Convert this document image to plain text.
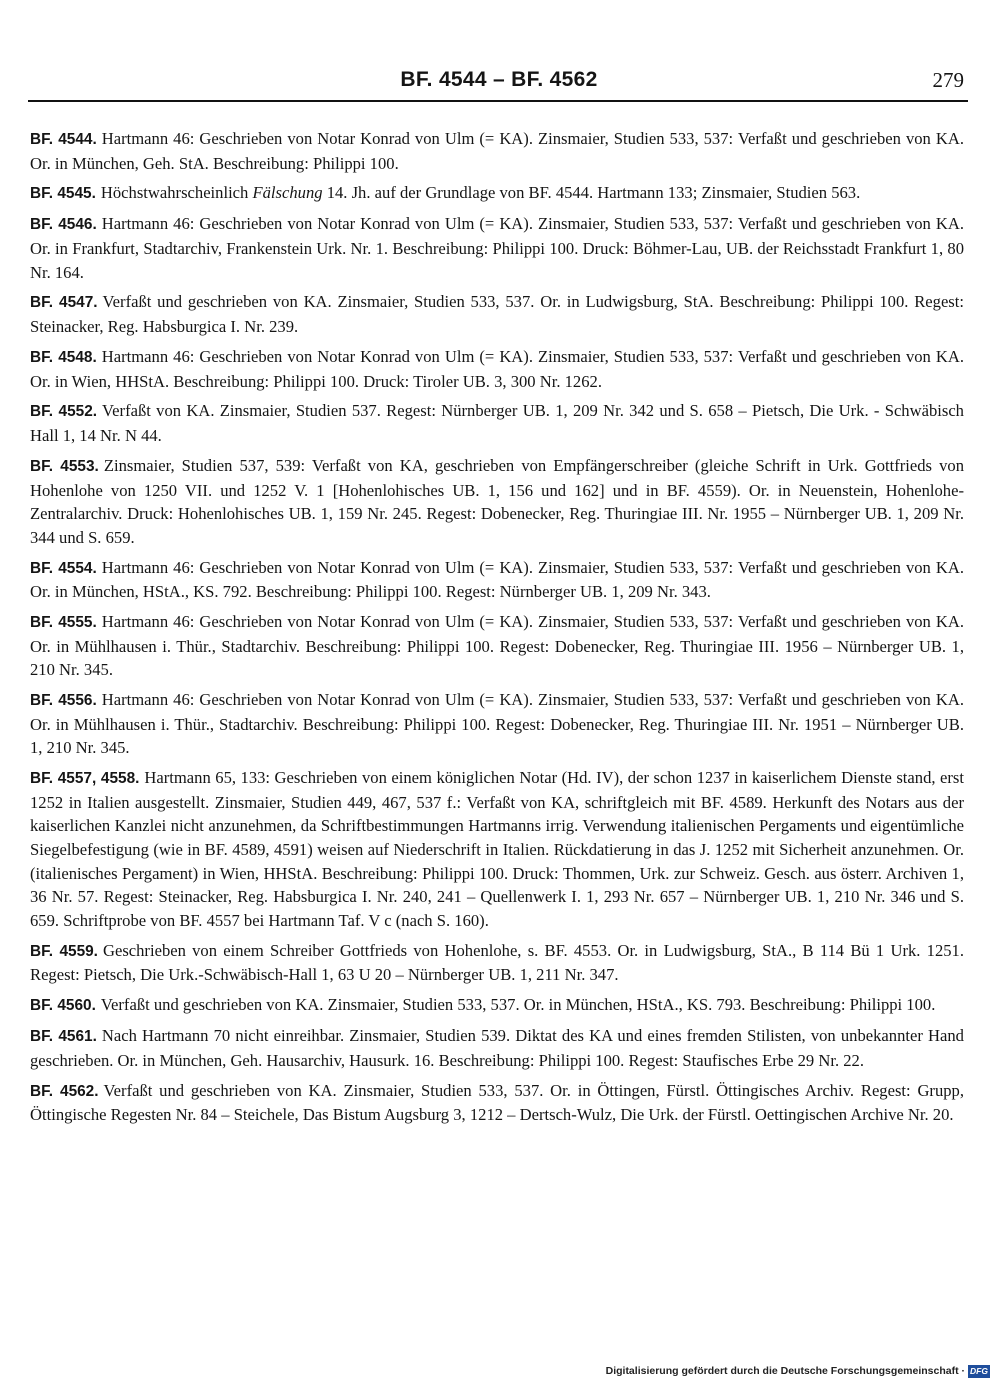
BF. 4544 – BF. 4562	279

BF. 4544. Hartmann 46: Geschrieben von Notar Konrad von Ulm (= KA). Zinsmaier, Studien 533, 537: Verfaßt und geschrieben von KA. Or. in München, Geh. StA. Beschreibung: Philippi 100.

BF. 4545. Höchstwahrscheinlich Fälschung 14. Jh. auf der Grundlage von BF. 4544. Hartmann 133; Zinsmaier, Studien 563.

BF. 4546. Hartmann 46: Geschrieben von Notar Konrad von Ulm (= KA). Zinsmaier, Studien 533, 537: Verfaßt und geschrieben von KA. Or. in Frankfurt, Stadtarchiv, Frankenstein Urk. Nr. 1. Beschreibung: Philippi 100. Druck: Böhmer-Lau, UB. der Reichsstadt Frankfurt 1, 80 Nr. 164.

BF. 4547. Verfaßt und geschrieben von KA. Zinsmaier, Studien 533, 537. Or. in Ludwigsburg, StA. Beschreibung: Philippi 100. Regest: Steinacker, Reg. Habsburgica I. Nr. 239.

BF. 4548. Hartmann 46: Geschrieben von Notar Konrad von Ulm (= KA). Zinsmaier, Studien 533, 537: Verfaßt und geschrieben von KA. Or. in Wien, HHStA. Beschreibung: Philippi 100. Druck: Tiroler UB. 3, 300 Nr. 1262.

BF. 4552. Verfaßt von KA. Zinsmaier, Studien 537. Regest: Nürnberger UB. 1, 209 Nr. 342 und S. 658 – Pietsch, Die Urk. - Schwäbisch Hall 1, 14 Nr. N 44.

BF. 4553. Zinsmaier, Studien 537, 539: Verfaßt von KA, geschrieben von Empfängerschreiber (gleiche Schrift in Urk. Gottfrieds von Hohenlohe von 1250 VII. und 1252 V. 1 [Hohenlohisches UB. 1, 156 und 162] und in BF. 4559). Or. in Neuenstein, Hohenlohe-Zentralarchiv. Druck: Hohenlohisches UB. 1, 159 Nr. 245. Regest: Dobenecker, Reg. Thuringiae III. Nr. 1955 – Nürnberger UB. 1, 209 Nr. 344 und S. 659.

BF. 4554. Hartmann 46: Geschrieben von Notar Konrad von Ulm (= KA). Zinsmaier, Studien 533, 537: Verfaßt und geschrieben von KA. Or. in München, HStA., KS. 792. Beschreibung: Philippi 100. Regest: Nürnberger UB. 1, 209 Nr. 343.

BF. 4555. Hartmann 46: Geschrieben von Notar Konrad von Ulm (= KA). Zinsmaier, Studien 533, 537: Verfaßt und geschrieben von KA. Or. in Mühlhausen i. Thür., Stadtarchiv. Beschreibung: Philippi 100. Regest: Dobenecker, Reg. Thuringiae III. 1956 – Nürnberger UB. 1, 210 Nr. 345.

BF. 4556. Hartmann 46: Geschrieben von Notar Konrad von Ulm (= KA). Zinsmaier, Studien 533, 537: Verfaßt und geschrieben von KA. Or. in Mühlhausen i. Thür., Stadtarchiv. Beschreibung: Philippi 100. Regest: Dobenecker, Reg. Thuringiae III. Nr. 1951 – Nürnberger UB. 1, 210 Nr. 345.

BF. 4557, 4558. Hartmann 65, 133: Geschrieben von einem königlichen Notar (Hd. IV), der schon 1237 in kaiserlichem Dienste stand, erst 1252 in Italien ausgestellt. Zinsmaier, Studien 449, 467, 537 f.: Verfaßt von KA, schriftgleich mit BF. 4589. Herkunft des Notars aus der kaiserlichen Kanzlei nicht anzunehmen, da Schriftbestimmungen Hartmanns irrig. Verwendung italienischen Pergaments und eigentümliche Siegelbefestigung (wie in BF. 4589, 4591) weisen auf Niederschrift in Italien. Rückdatierung in das J. 1252 mit Sicherheit anzunehmen. Or. (italienisches Pergament) in Wien, HHStA. Beschreibung: Philippi 100. Druck: Thommen, Urk. zur Schweiz. Gesch. aus österr. Archiven 1, 36 Nr. 57. Regest: Steinacker, Reg. Habsburgica I. Nr. 240, 241 – Quellenwerk I. 1, 293 Nr. 657 – Nürnberger UB. 1, 210 Nr. 346 und S. 659. Schriftprobe von BF. 4557 bei Hartmann Taf. V c (nach S. 160).

BF. 4559. Geschrieben von einem Schreiber Gottfrieds von Hohenlohe, s. BF. 4553. Or. in Ludwigsburg, StA., B 114 Bü 1 Urk. 1251. Regest: Pietsch, Die Urk.-Schwäbisch-Hall 1, 63 U 20 – Nürnberger UB. 1, 211 Nr. 347.

BF. 4560. Verfaßt und geschrieben von KA. Zinsmaier, Studien 533, 537. Or. in München, HStA., KS. 793. Beschreibung: Philippi 100.

BF. 4561. Nach Hartmann 70 nicht einreihbar. Zinsmaier, Studien 539. Diktat des KA und eines fremden Stilisten, von unbekannter Hand geschrieben. Or. in München, Geh. Hausarchiv, Hausurk. 16. Beschreibung: Philippi 100. Regest: Staufisches Erbe 29 Nr. 22.

BF. 4562. Verfaßt und geschrieben von KA. Zinsmaier, Studien 533, 537. Or. in Öttingen, Fürstl. Öttingisches Archiv. Regest: Grupp, Öttingische Regesten Nr. 84 – Steichele, Das Bistum Augsburg 3, 1212 – Dertsch-Wulz, Die Urk. der Fürstl. Oettingischen Archive Nr. 20.

Digitalisierung gefördert durch die Deutsche Forschungsgemeinschaft · DFG
